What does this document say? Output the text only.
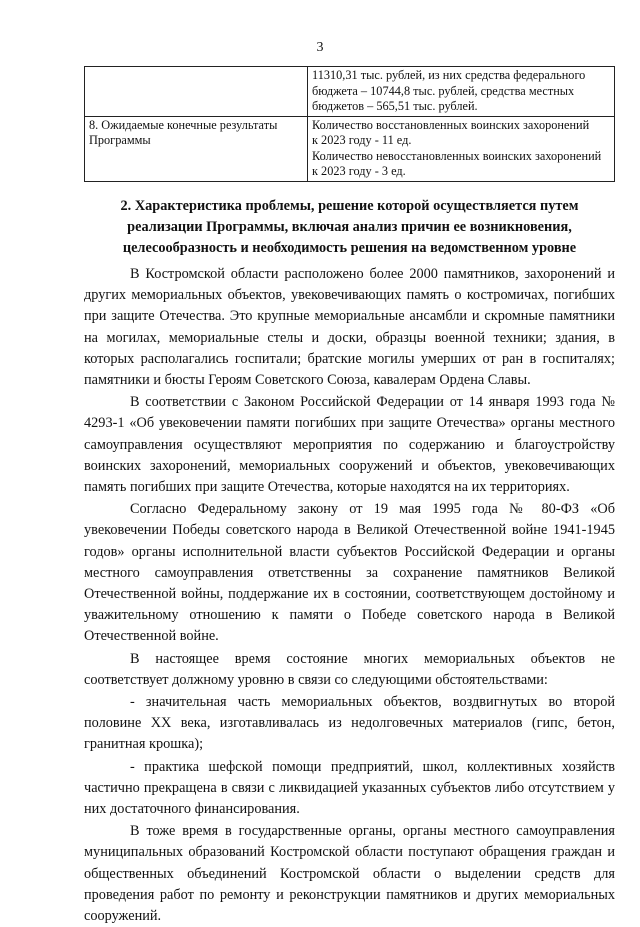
3

	11310,31 тыс. рублей, из них средства федерального
бюджета – 10744,8 тыс. рублей, средства местных
бюджетов – 565,51 тыс. рублей.

8. Ожидаемые конечные результаты
Программы	Количество восстановленных воинских захоронений
к 2023 году - 11 ед.
Количество невосстановленных воинских захоронений
к 2023 году - 3 ед.
2. Характеристика проблемы, решение которой осуществляется путем
реализации Программы, включая анализ причин ее возникновения,
целесообразность и необходимость решения на ведомственном уровне

В Костромской области расположено более 2000 памятников, захоронений и других мемориальных объектов, увековечивающих память о костромичах, погибших при защите Отечества. Это крупные мемориальные ансамбли и скромные памятники на могилах, мемориальные стелы и доски, образцы военной техники; здания, в которых располагались госпитали; братские могилы умерших от ран в госпиталях; памятники и бюсты Героям Советского Союза, кавалерам Ордена Славы.

В соответствии с Законом Российской Федерации от 14 января 1993 года № 4293-1 «Об увековечении памяти погибших при защите Отечества» органы местного самоуправления осуществляют мероприятия по содержанию и благоустройству воинских захоронений, мемориальных сооружений и объектов, увековечивающих память погибших при защите Отечества, которые находятся на их территориях.

Согласно Федеральному закону от 19 мая 1995 года № 80-ФЗ «Об увековечении Победы советского народа в Великой Отечественной войне 1941-1945 годов» органы исполнительной власти субъектов Российской Федерации и органы местного самоуправления ответственны за сохранение памятников Великой Отечественной войны, поддержание их в состоянии, соответствующем достойному и уважительному отношению к памяти о Победе советского народа в Великой Отечественной войне.

В настоящее время состояние многих мемориальных объектов не соответствует должному уровню в связи со следующими обстоятельствами:

- значительная часть мемориальных объектов, воздвигнутых во второй половине XX века, изготавливалась из недолговечных материалов (гипс, бетон, гранитная крошка);

- практика шефской помощи предприятий, школ, коллективных хозяйств частично прекращена в связи с ликвидацией указанных субъектов либо отсутствием у них достаточного финансирования.

В тоже время в государственные органы, органы местного самоуправления муниципальных образований Костромской области поступают обращения граждан и общественных объединений Костромской области о выделении средств для проведения работ по ремонту и реконструкции памятников и других мемориальных сооружений.
